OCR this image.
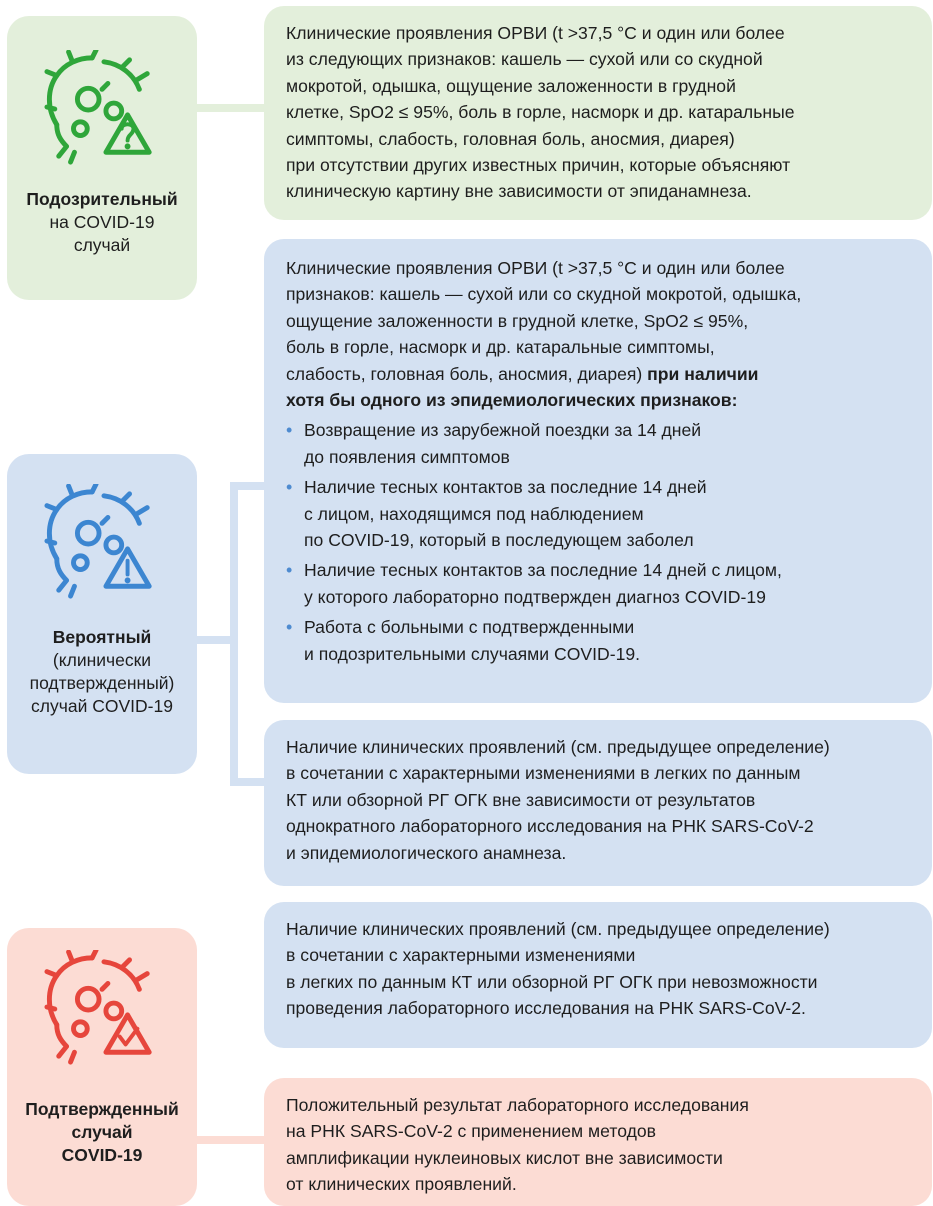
Подозрительный
на COVID-19
случай
Вероятный
(клинически
подтвержденный)
случай COVID-19
Подтвержденный
случай
COVID-19
Клинические проявления ОРВИ (t >37,5 °C и один или более
из следующих признаков: кашель — сухой или со скудной
мокротой, одышка, ощущение заложенности в грудной
клетке, SpO2 ≤ 95%, боль в горле, насморк и др. катаральные
симптомы, слабость, головная боль, аносмия, диарея)
при отсутствии других известных причин, которые объясняют
клиническую картину вне зависимости от эпиданамнеза.
Клинические проявления ОРВИ (t >37,5 °C и один или более
признаков: кашель — сухой или со скудной мокротой, одышка,
ощущение заложенности в грудной клетке, SpO2 ≤ 95%,
боль в горле, насморк и др. катаральные симптомы,
слабость, головная боль, аносмия, диарея) при наличии
хотя бы одного из эпидемиологических признаков:
• Возвращение из зарубежной поездки за 14 дней
до появления симптомов
• Наличие тесных контактов за последние 14 дней
с лицом, находящимся под наблюдением
по COVID-19, который в последующем заболел
• Наличие тесных контактов за последние 14 дней с лицом,
у которого лабораторно подтвержден диагноз COVID-19
• Работа с больными с подтвержденными
и подозрительными случаями COVID-19.
Наличие клинических проявлений (см. предыдущее определение)
в сочетании с характерными изменениями в легких по данным
КТ или обзорной РГ ОГК вне зависимости от результатов
однократного лабораторного исследования на РНК SARS-CoV-2
и эпидемиологического анамнеза.
Наличие клинических проявлений (см. предыдущее определение)
в сочетании с характерными изменениями
в легких по данным КТ или обзорной РГ ОГК при невозможности
проведения лабораторного исследования на РНК SARS-CoV-2.
Положительный результат лабораторного исследования
на РНК SARS-CoV-2 с применением методов
амплификации нуклеиновых кислот вне зависимости
от клинических проявлений.
